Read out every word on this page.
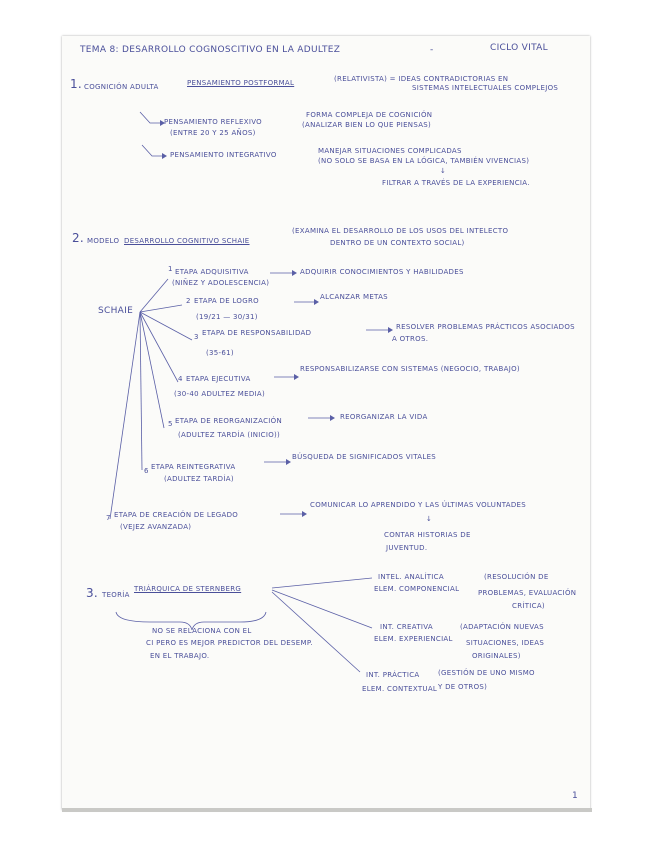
TEMA 8: DESARROLLO COGNOSCITIVO EN LA ADULTEZ	-	CICLO VITAL
1. COGNICIÓN ADULTA	PENSAMIENTO POSTFORMAL	(RELATIVISTA) = IDEAS CONTRADICTORIAS EN
SISTEMAS INTELECTUALES COMPLEJOS
PENSAMIENTO REFLEXIVO
(ENTRE 20 Y 25 AÑOS)
FORMA COMPLEJA DE COGNICIÓN
(ANALIZAR BIEN LO QUE PIENSAS)
PENSAMIENTO INTEGRATIVO	MANEJAR SITUACIONES COMPLICADAS
(NO SOLO SE BASA EN LA LÓGICA, TAMBIÉN VIVENCIAS)
↓
FILTRAR A TRAVÉS DE LA EXPERIENCIA.
2. MODELO DESARROLLO COGNITIVO SCHAIE
(EXAMINA EL DESARROLLO DE LOS USOS DEL INTELECTO
DENTRO DE UN CONTEXTO SOCIAL)
SCHAIE
1 ETAPA ADQUISITIVA
(NIÑEZ Y ADOLESCENCIA)
ADQUIRIR CONOCIMIENTOS Y HABILIDADES
2 ETAPA DE LOGRO
(19/21 — 30/31)
ALCANZAR METAS
3 ETAPA DE RESPONSABILIDAD
(35-61)
RESOLVER PROBLEMAS PRÁCTICOS ASOCIADOS
A OTROS.
4 ETAPA EJECUTIVA
(30-40 ADULTEZ MEDIA)
RESPONSABILIZARSE CON SISTEMAS (NEGOCIO, TRABAJO)
5 ETAPA DE REORGANIZACIÓN
(ADULTEZ TARDÍA (INICIO))
REORGANIZAR LA VIDA
6 ETAPA REINTEGRATIVA
(ADULTEZ TARDÍA)
BÚSQUEDA DE SIGNIFICADOS VITALES
7 ETAPA DE CREACIÓN DE LEGADO
(VEJEZ AVANZADA)
COMUNICAR LO APRENDIDO Y LAS ÚLTIMAS VOLUNTADES
↓
CONTAR HISTORIAS DE
JUVENTUD.
3. TEORÍA
TRIÁRQUICA DE STERNBERG
NO SE RELACIONA CON EL
CI PERO ES MEJOR PREDICTOR DEL DESEMP.
EN EL TRABAJO.
INTEL. ANALÍTICA
ELEM. COMPONENCIAL
(RESOLUCIÓN DE
PROBLEMAS, EVALUACIÓN
CRÍTICA)
INT. CREATIVA
ELEM. EXPERIENCIAL
(ADAPTACIÓN NUEVAS
SITUACIONES, IDEAS
ORIGINALES)
INT. PRÁCTICA
ELEM. CONTEXTUAL
(GESTIÓN DE UNO MISMO
Y DE OTROS)
1
